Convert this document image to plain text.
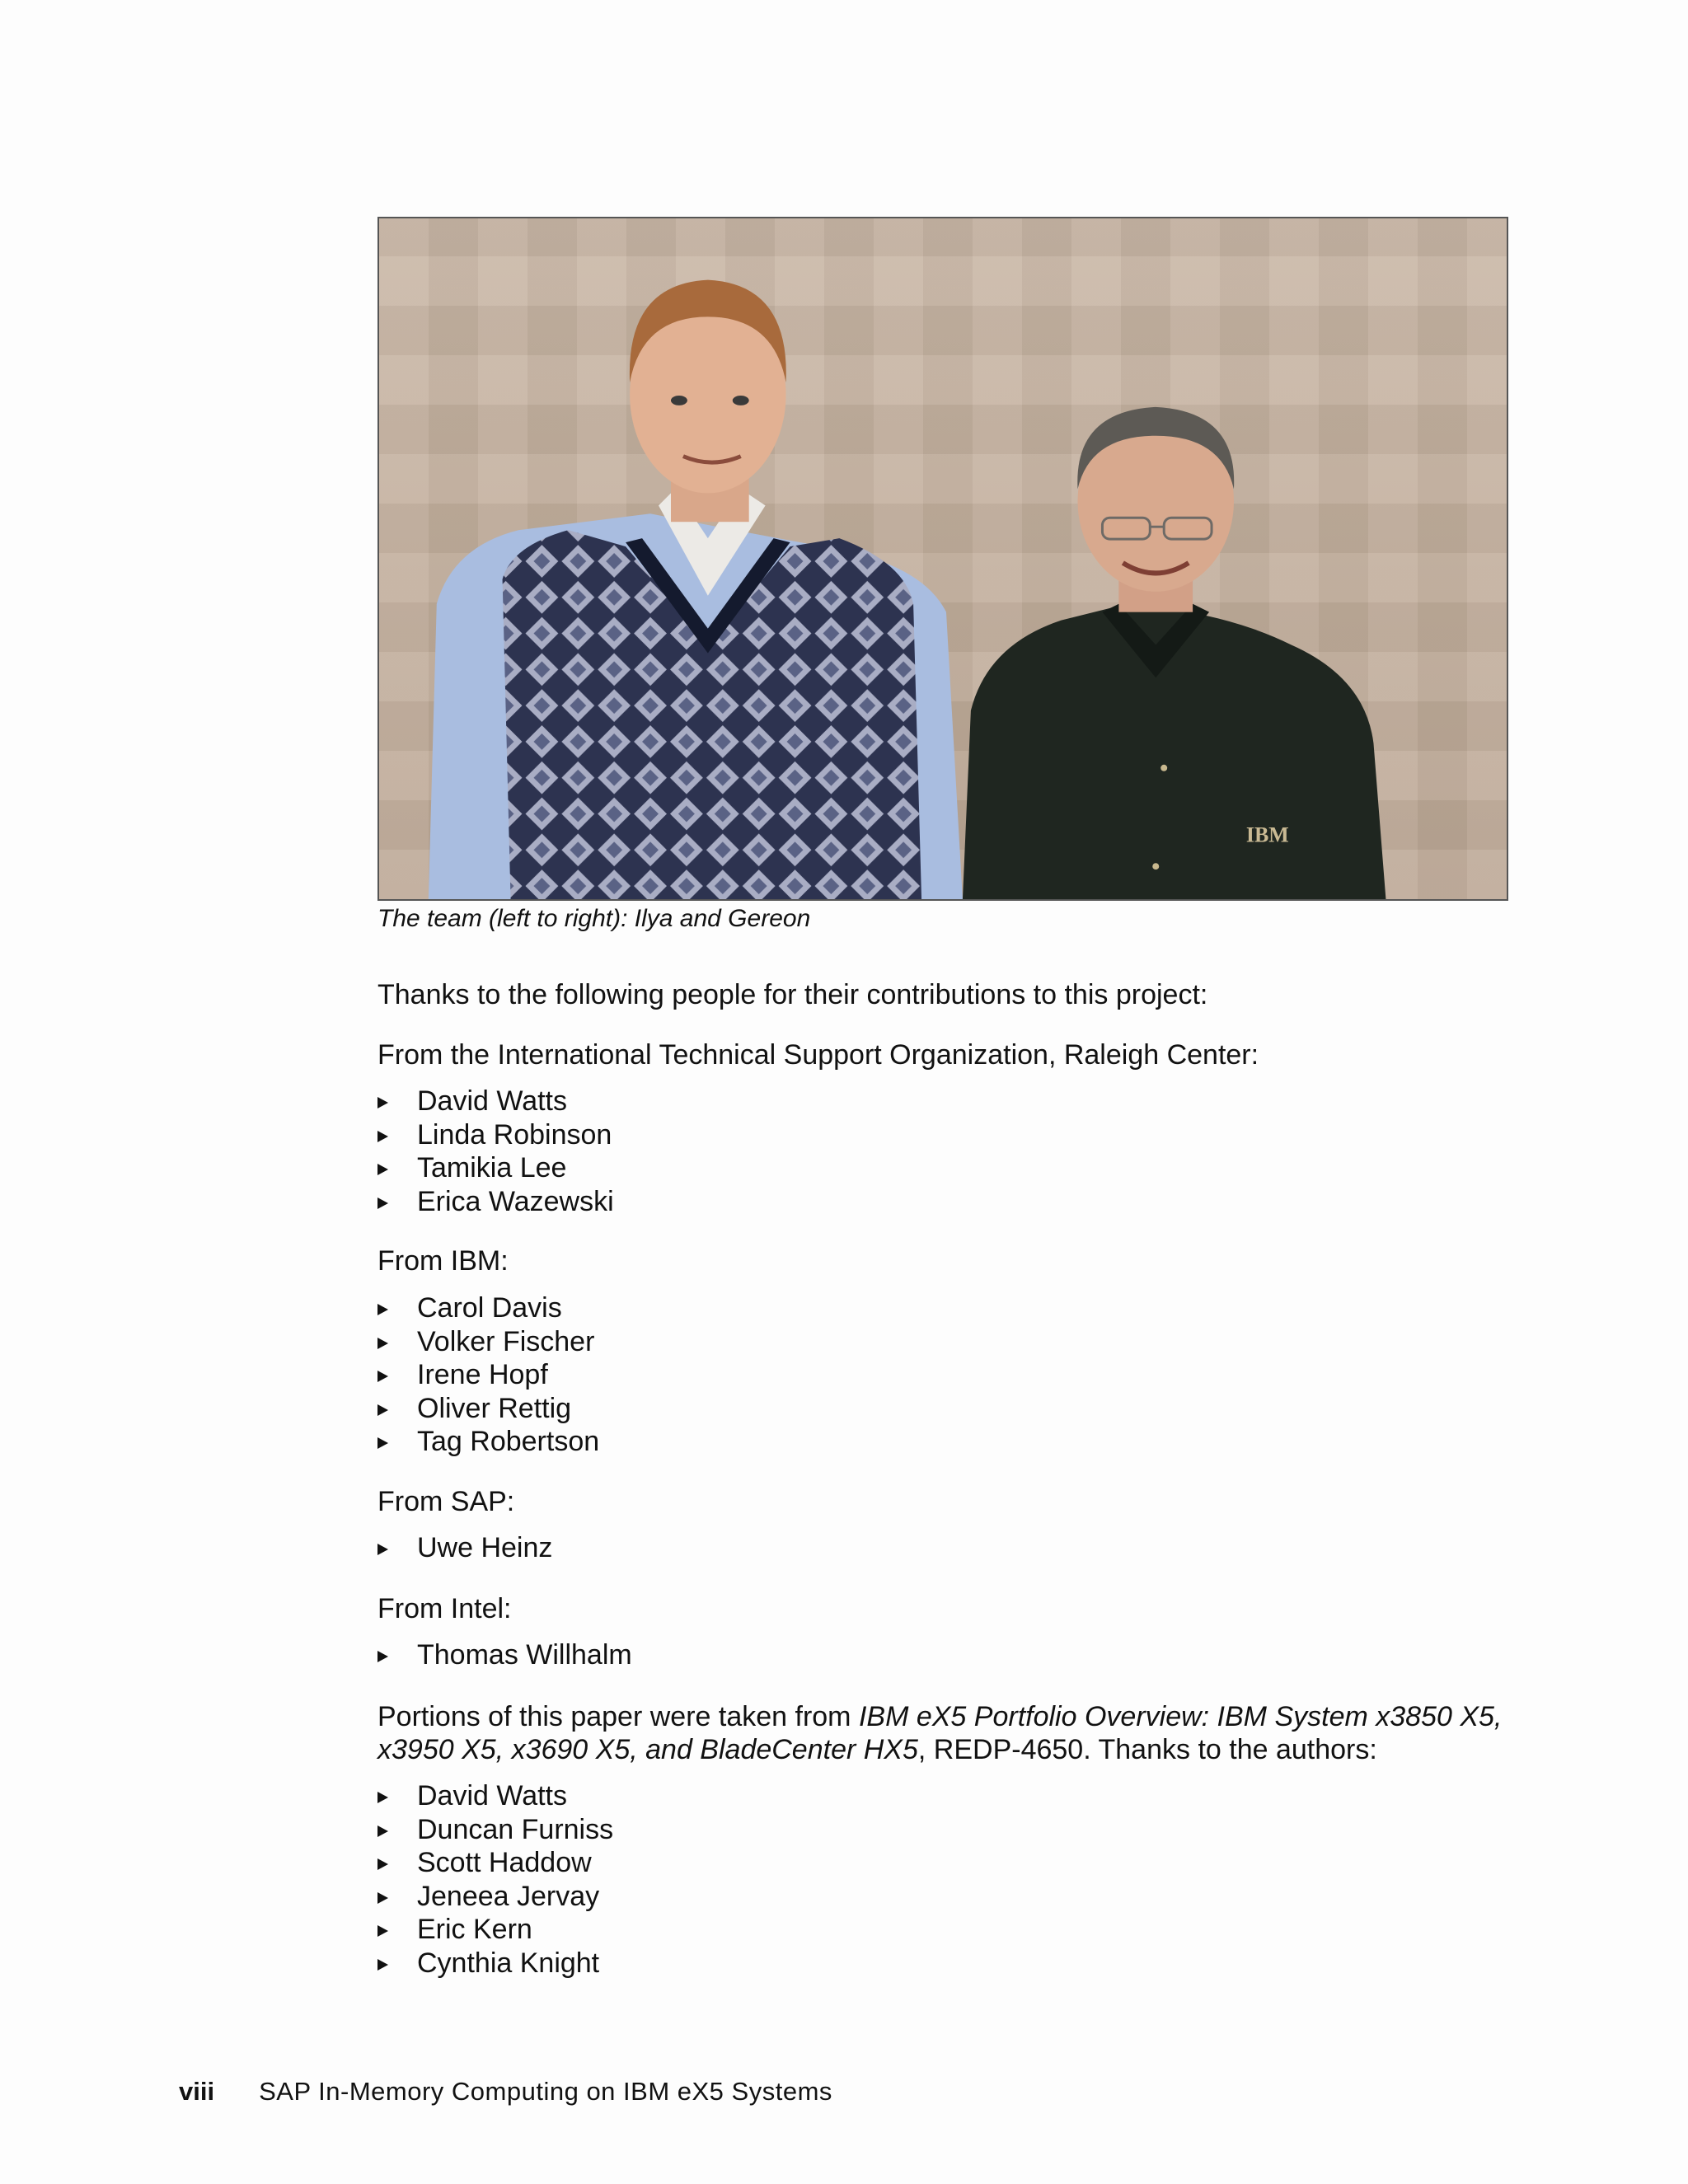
IBM
The team (left to right): Ilya and Gereon
Thanks to the following people for their contributions to this project:
From the International Technical Support Organization, Raleigh Center:
David Watts
Linda Robinson
Tamikia Lee
Erica Wazewski
From IBM:
Carol Davis
Volker Fischer
Irene Hopf
Oliver Rettig
Tag Robertson
From SAP:
Uwe Heinz
From Intel:
Thomas Willhalm
Portions of this paper were taken from IBM eX5 Portfolio Overview: IBM System x3850 X5,
x3950 X5, x3690 X5, and BladeCenter HX5, REDP-4650. Thanks to the authors:
David Watts
Duncan Furniss
Scott Haddow
Jeneea Jervay
Eric Kern
Cynthia Knight
viii SAP In-Memory Computing on IBM eX5 Systems
